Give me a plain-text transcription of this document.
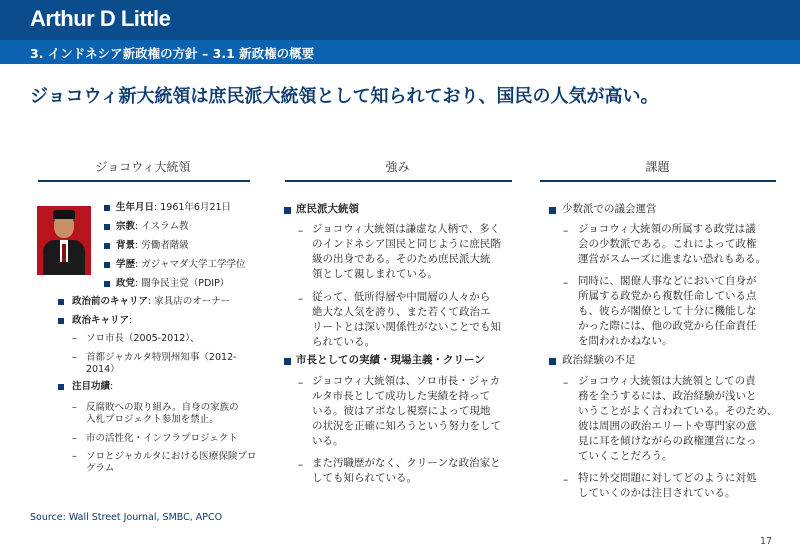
Arthur D Little
3. インドネシア新政権の方針 – 3.1 新政権の概要
ジョコウィ新大統領は庶民派大統領として知られており、国民の人気が高い。
ジョコウィ大統領	強み	課題
生年月日: 1961年6月21日
宗教: イスラム教
背景: 労働者階級
学歴: ガジャマダ大学工学学位
政党: 闘争民主党（PDIP）
政治前のキャリア: 家具店のオーナー
政治キャリア:
– ソロ市長（2005-2012）、
– 首都ジャカルタ特別州知事（2012-
2014）
注目功績:
– 反腐敗への取り組み。自身の家族の
入札プロジェクト参加を禁止。
– 市の活性化・インフラプロジェクト
– ソロとジャカルタにおける医療保険プロ
グラム
庶民派大統領
– ジョコウィ大統領は謙虚な人柄で、多く
のインドネシア国民と同じように庶民階
級の出身である。そのため庶民派大統
領として親しまれている。
– 従って、低所得層や中間層の人々から
絶大な人気を誇り、また若くて政治エ
リートとは深い関係性がないことでも知
られている。
市長としての実績・現場主義・クリーン
– ジョコウィ大統領は、ソロ市長・ジャカ
ルタ市長として成功した実績を持って
いる。彼はアポなし視察によって現地
の状況を正確に知ろうという努力をして
いる。
– また汚職歴がなく、クリーンな政治家と
しても知られている。
少数派での議会運営
– ジョコウィ大統領の所属する政党は議
会の少数派である。これによって政権
運営がスムーズに進まない恐れもある。
– 同時に、閣僚人事などにおいて自身が
所属する政党から複数任命している点
も、彼らが閣僚として十分に機能しな
かった際には、他の政党から任命責任
を問われかねない。
政治経験の不足
– ジョコウィ大統領は大統領としての責
務を全うするには、政治経験が浅いと
いうことがよく言われている。そのため、
彼は周囲の政治エリートや専門家の意
見に耳を傾けながらの政権運営になっ
ていくことだろう。
– 特に外交問題に対してどのように対処
していくのかは注目されている。
Source: Wall Street Journal, SMBC, APCO
17
